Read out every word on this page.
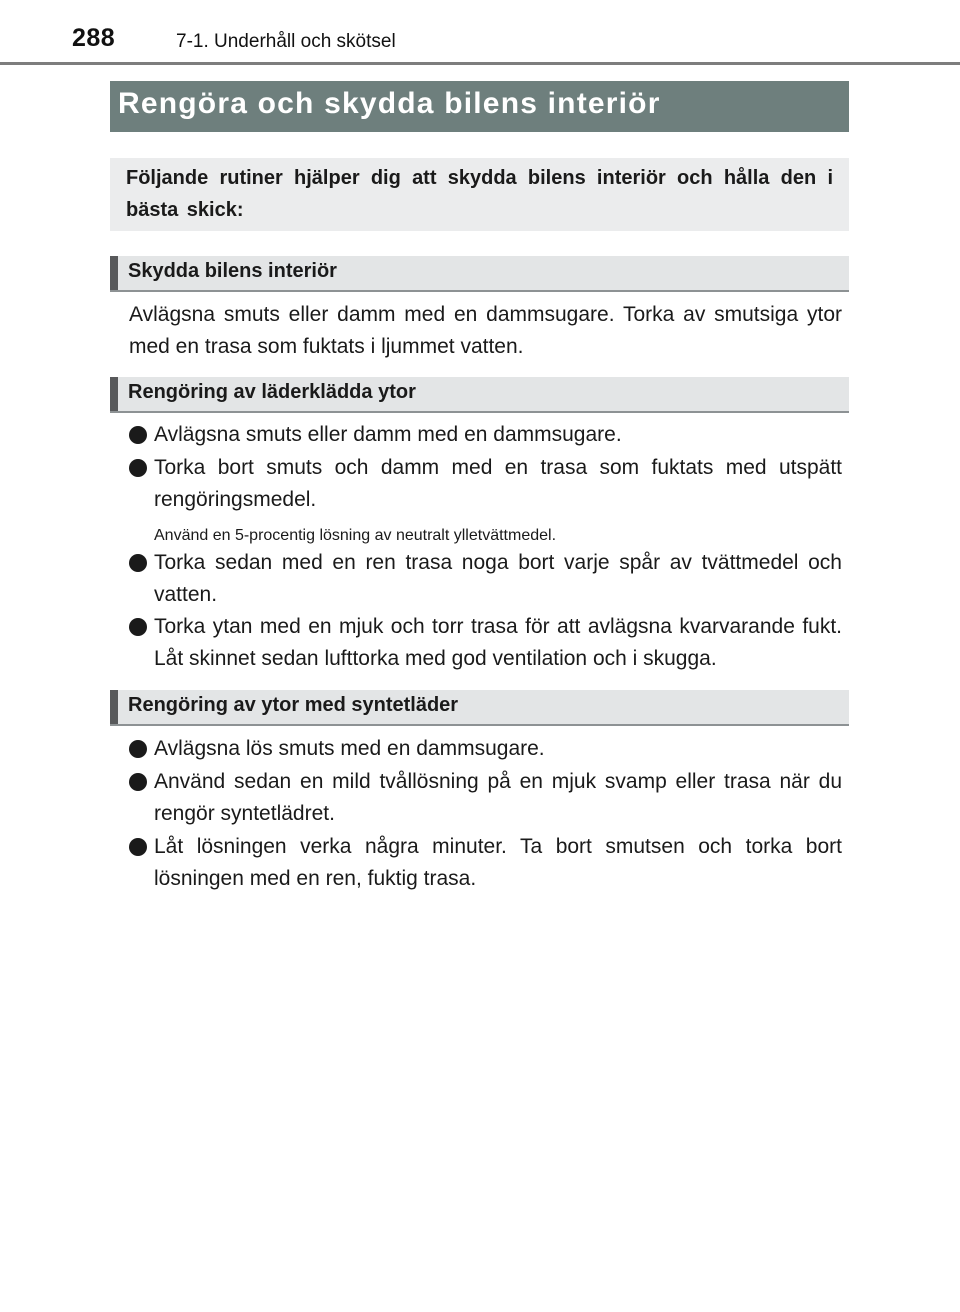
288	7-1. Underhåll och skötsel
Rengöra och skydda bilens interiör
Följande rutiner hjälper dig att skydda bilens interiör och hålla den i bästa skick:
Skydda bilens interiör
Avlägsna smuts eller damm med en dammsugare. Torka av smutsiga ytor med en trasa som fuktats i ljummet vatten.
Rengöring av läderklädda ytor
Avlägsna smuts eller damm med en dammsugare.
Torka bort smuts och damm med en trasa som fuktats med utspätt rengöringsmedel.
Använd en 5-procentig lösning av neutralt ylletvättmedel.
Torka sedan med en ren trasa noga bort varje spår av tvättmedel och vatten.
Torka ytan med en mjuk och torr trasa för att avlägsna kvarvarande fukt. Låt skinnet sedan lufttorka med god ventilation och i skugga.
Rengöring av ytor med syntetläder
Avlägsna lös smuts med en dammsugare.
Använd sedan en mild tvållösning på en mjuk svamp eller trasa när du rengör syntetlädret.
Låt lösningen verka några minuter. Ta bort smutsen och torka bort lösningen med en ren, fuktig trasa.
